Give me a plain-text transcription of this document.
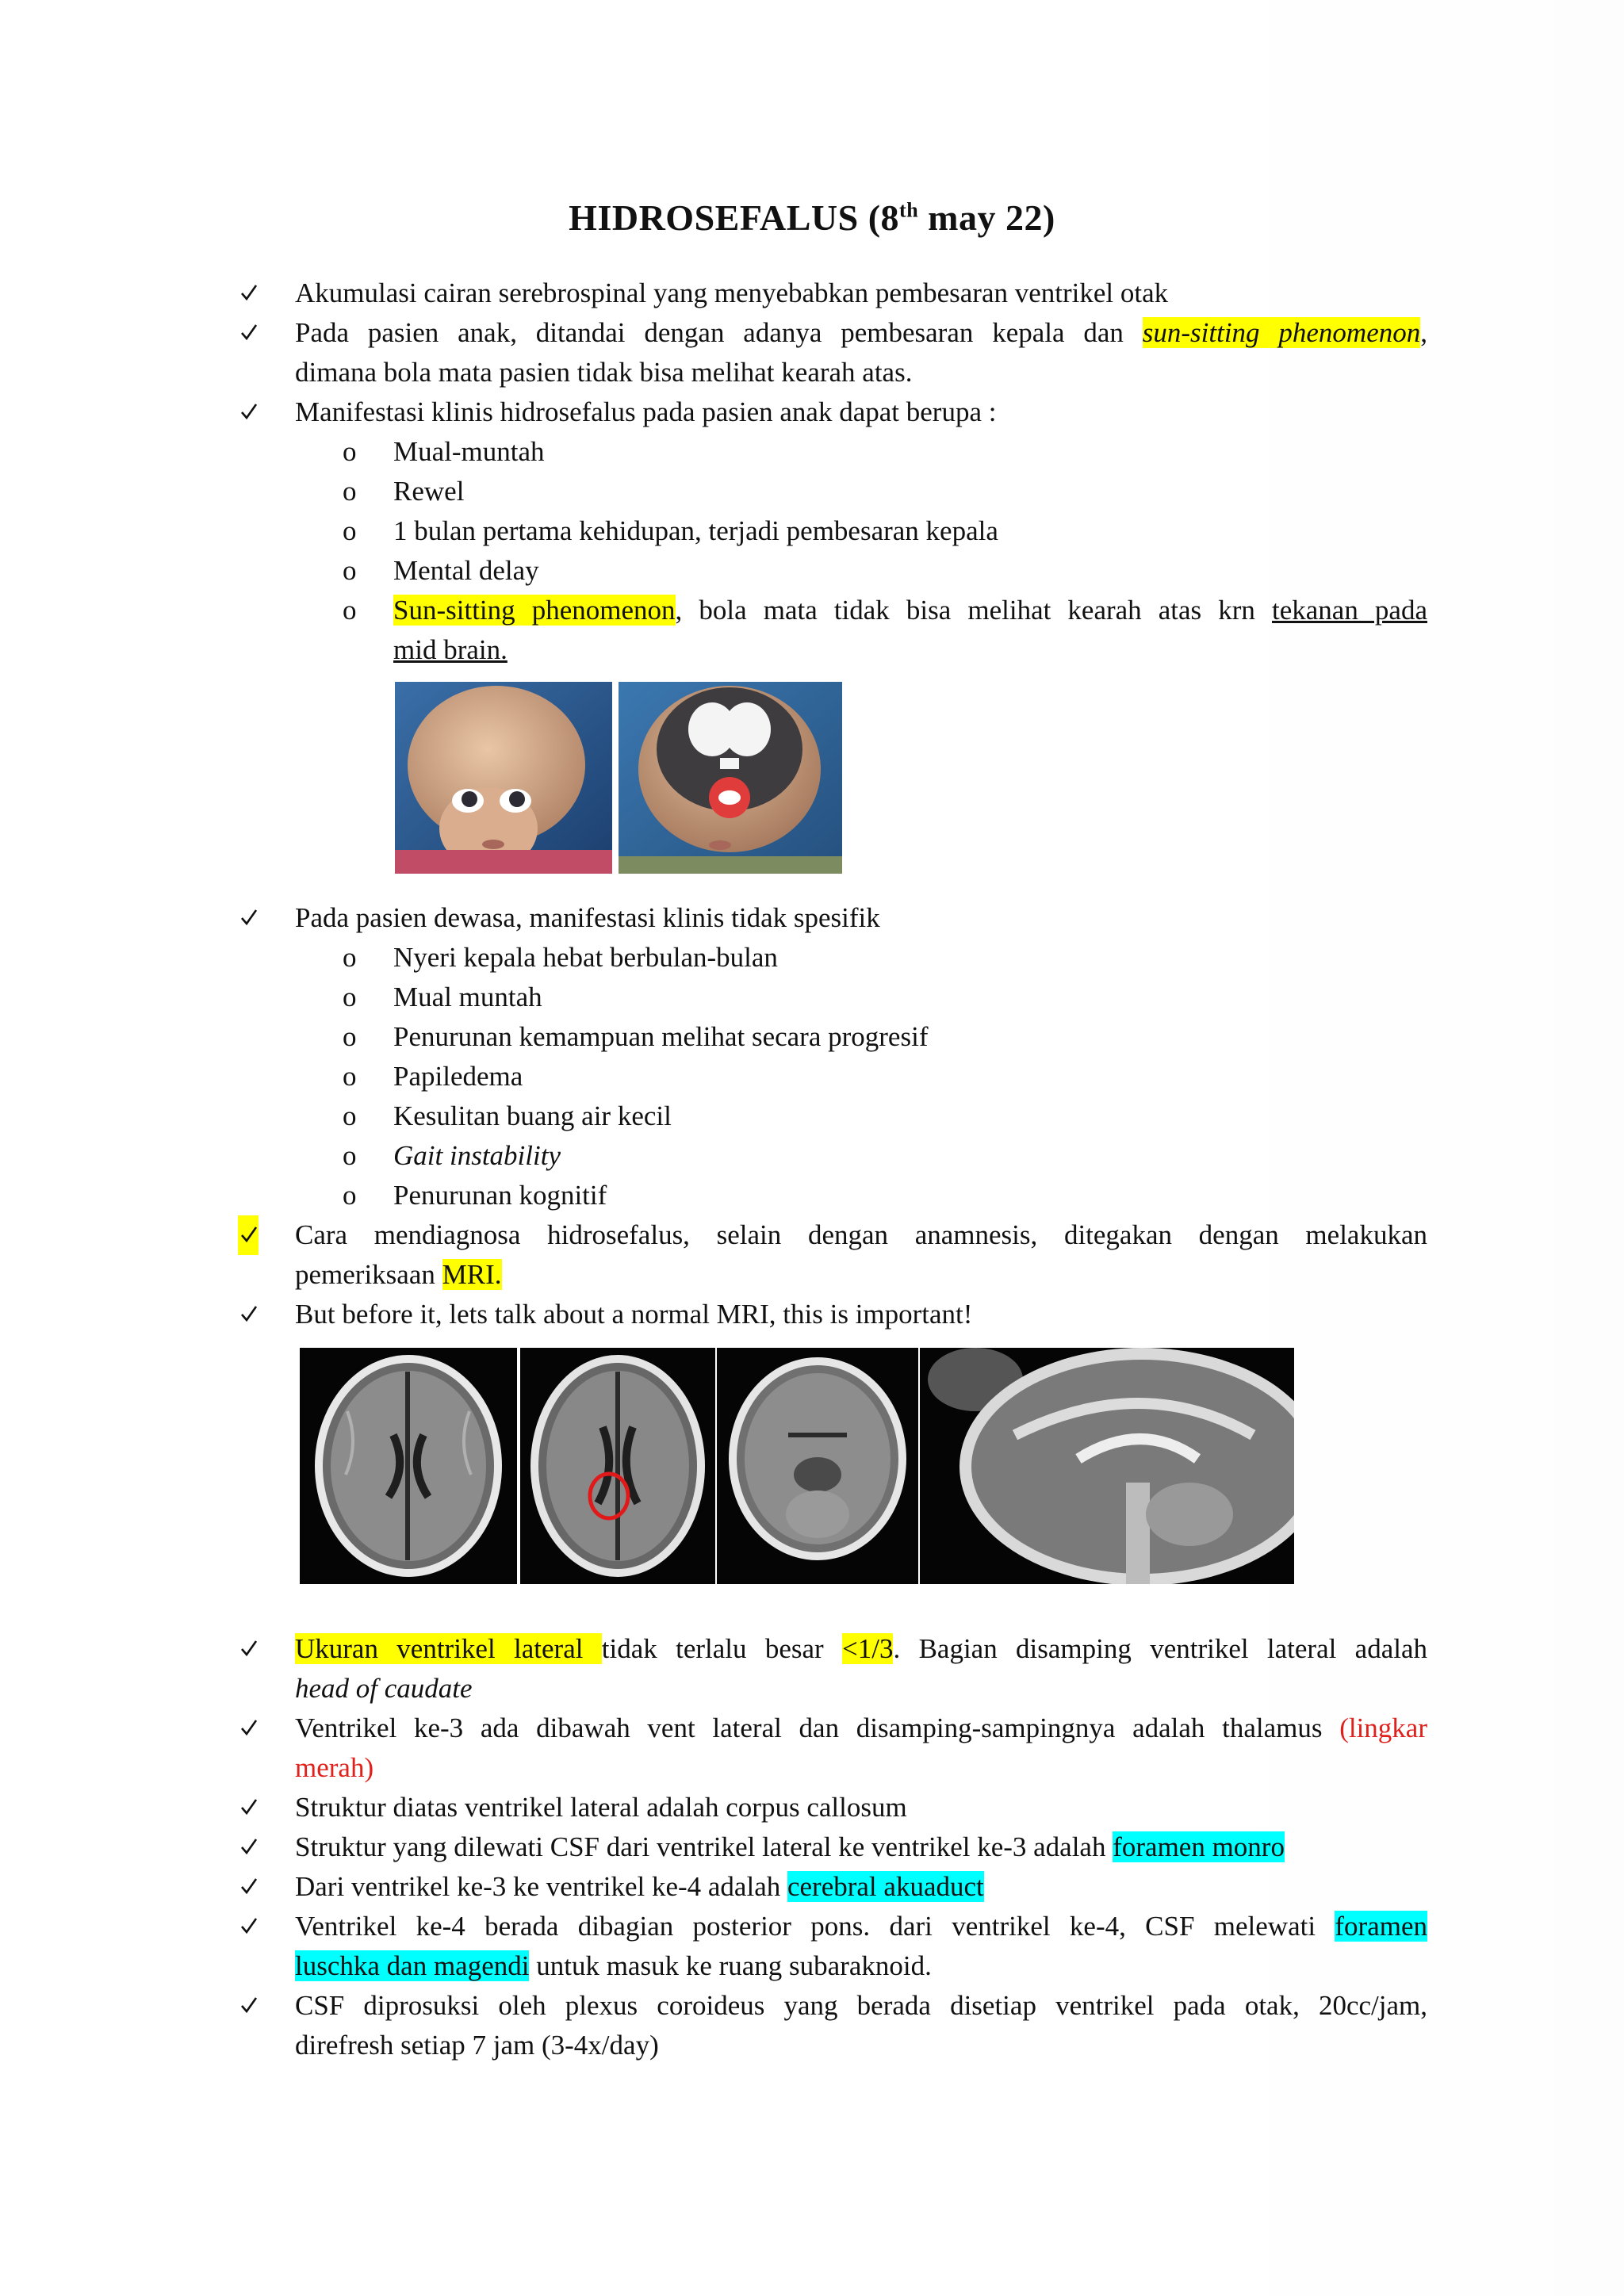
HIDROSEFALUS (8th may 22)
Akumulasi cairan serebrospinal yang menyebabkan pembesaran ventrikel otak
Pada pasien anak, ditandai dengan adanya pembesaran kepala dan sun-sitting phenomenon,
dimana bola mata pasien tidak bisa melihat kearah atas.
Manifestasi klinis hidrosefalus pada pasien anak dapat berupa :
o	Mual-muntah
o	Rewel
o	1 bulan pertama kehidupan, terjadi pembesaran kepala
o	Mental delay
o	Sun-sitting phenomenon, bola mata tidak bisa melihat kearah atas krn tekanan pada
mid brain.
Pada pasien dewasa, manifestasi klinis tidak spesifik
o	Nyeri kepala hebat berbulan-bulan
o	Mual muntah
o	Penurunan kemampuan melihat secara progresif
o	Papiledema
o	Kesulitan buang air kecil
o	Gait instability
o	Penurunan kognitif
Cara mendiagnosa hidrosefalus, selain dengan anamnesis, ditegakan dengan melakukan
pemeriksaan MRI.
But before it, lets talk about a normal MRI, this is important!
Ukuran ventrikel lateral tidak terlalu besar <1/3. Bagian disamping ventrikel lateral adalah
head of caudate
Ventrikel ke-3 ada dibawah vent lateral dan disamping-sampingnya adalah thalamus (lingkar
merah)
Struktur diatas ventrikel lateral adalah corpus callosum
Struktur yang dilewati CSF dari ventrikel lateral ke ventrikel ke-3 adalah foramen monro
Dari ventrikel ke-3 ke ventrikel ke-4 adalah cerebral akuaduct
Ventrikel ke-4 berada dibagian posterior pons. dari ventrikel ke-4, CSF melewati foramen
luschka dan magendi untuk masuk ke ruang subaraknoid.
CSF diprosuksi oleh plexus coroideus yang berada disetiap ventrikel pada otak, 20cc/jam,
direfresh setiap 7 jam (3-4x/day)
